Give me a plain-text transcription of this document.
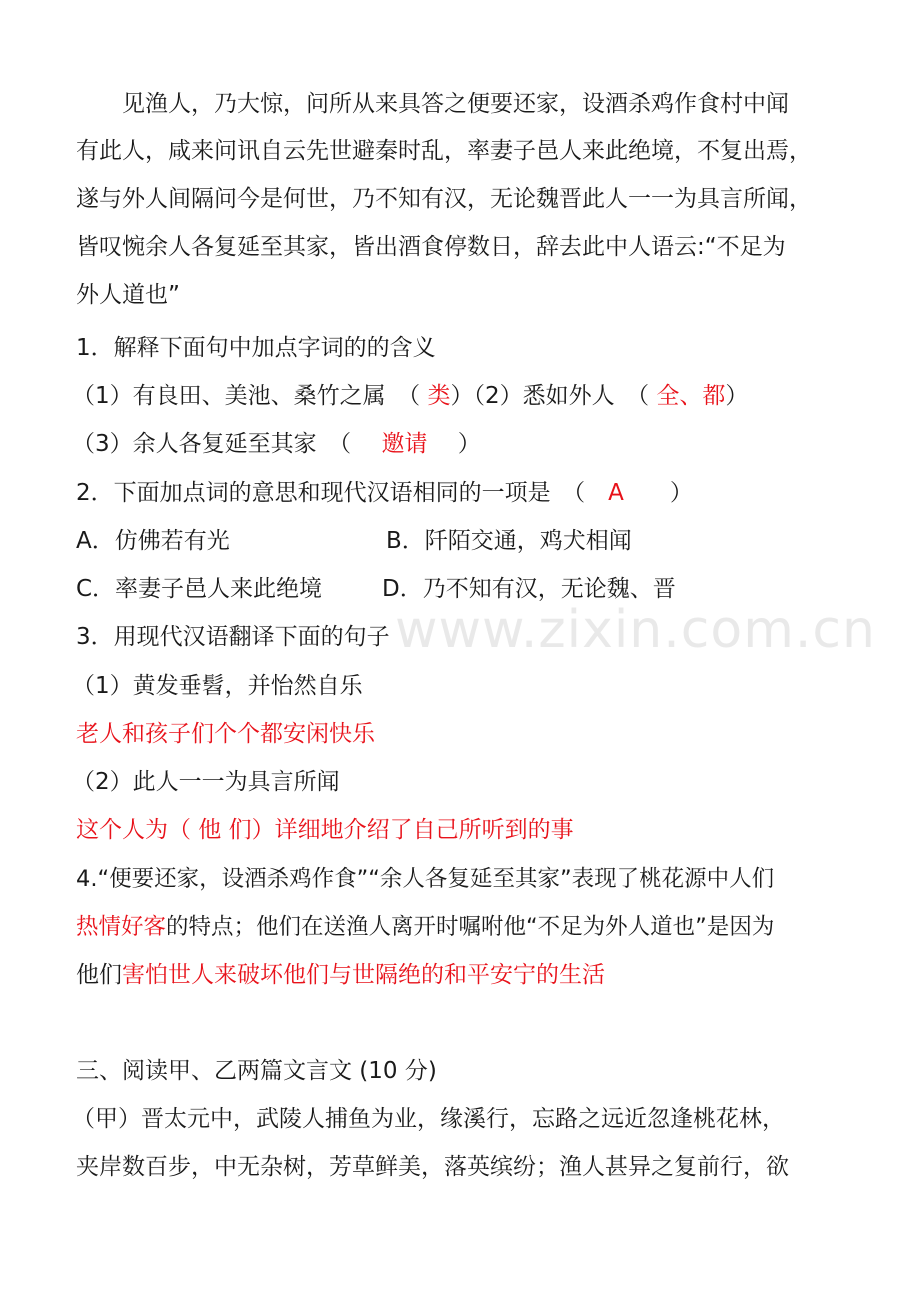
www.zixin.com.cn
见渔人，乃大惊，问所从来具答之便要还家，设酒杀鸡作食村中闻
有此人，咸来问讯自云先世避秦时乱，率妻子邑人来此绝境，不复出焉，
遂与外人间隔问今是何世，乃不知有汉，无论魏晋此人一一为具言所闻，
皆叹惋余人各复延至其家，皆出酒食停数日，辞去此中人语云:“不足为
外人道也”
1．解释下面句中加点字词的的含义
（1）有良田、美池、桑竹之属　（ 类）（2）悉如外人　（ 全、都）
（3）余人各复延至其家　（　 邀请　 ）
2．下面加点词的意思和现代汉语相同的一项是　（　A　　）
A．仿佛若有光	B．阡陌交通，鸡犬相闻
C．率妻子邑人来此绝境	D．乃不知有汉，无论魏、晋
3．用现代汉语翻译下面的句子
（1）黄发垂髫，并怡然自乐
老人和孩子们个个都安闲快乐
（2）此人一一为具言所闻
这个人为（ 他 们）详细地介绍了自己所听到的事
4.“便要还家，设酒杀鸡作食”“余人各复延至其家”表现了桃花源中人们
热情好客的特点；他们在送渔人离开时嘱咐他“不足为外人道也”是因为
他们害怕世人来破坏他们与世隔绝的和平安宁的生活
三、阅读甲、乙两篇文言文 (10 分)
（甲）晋太元中，武陵人捕鱼为业，缘溪行，忘路之远近忽逢桃花林，
夹岸数百步，中无杂树，芳草鲜美，落英缤纷；渔人甚异之复前行，欲
